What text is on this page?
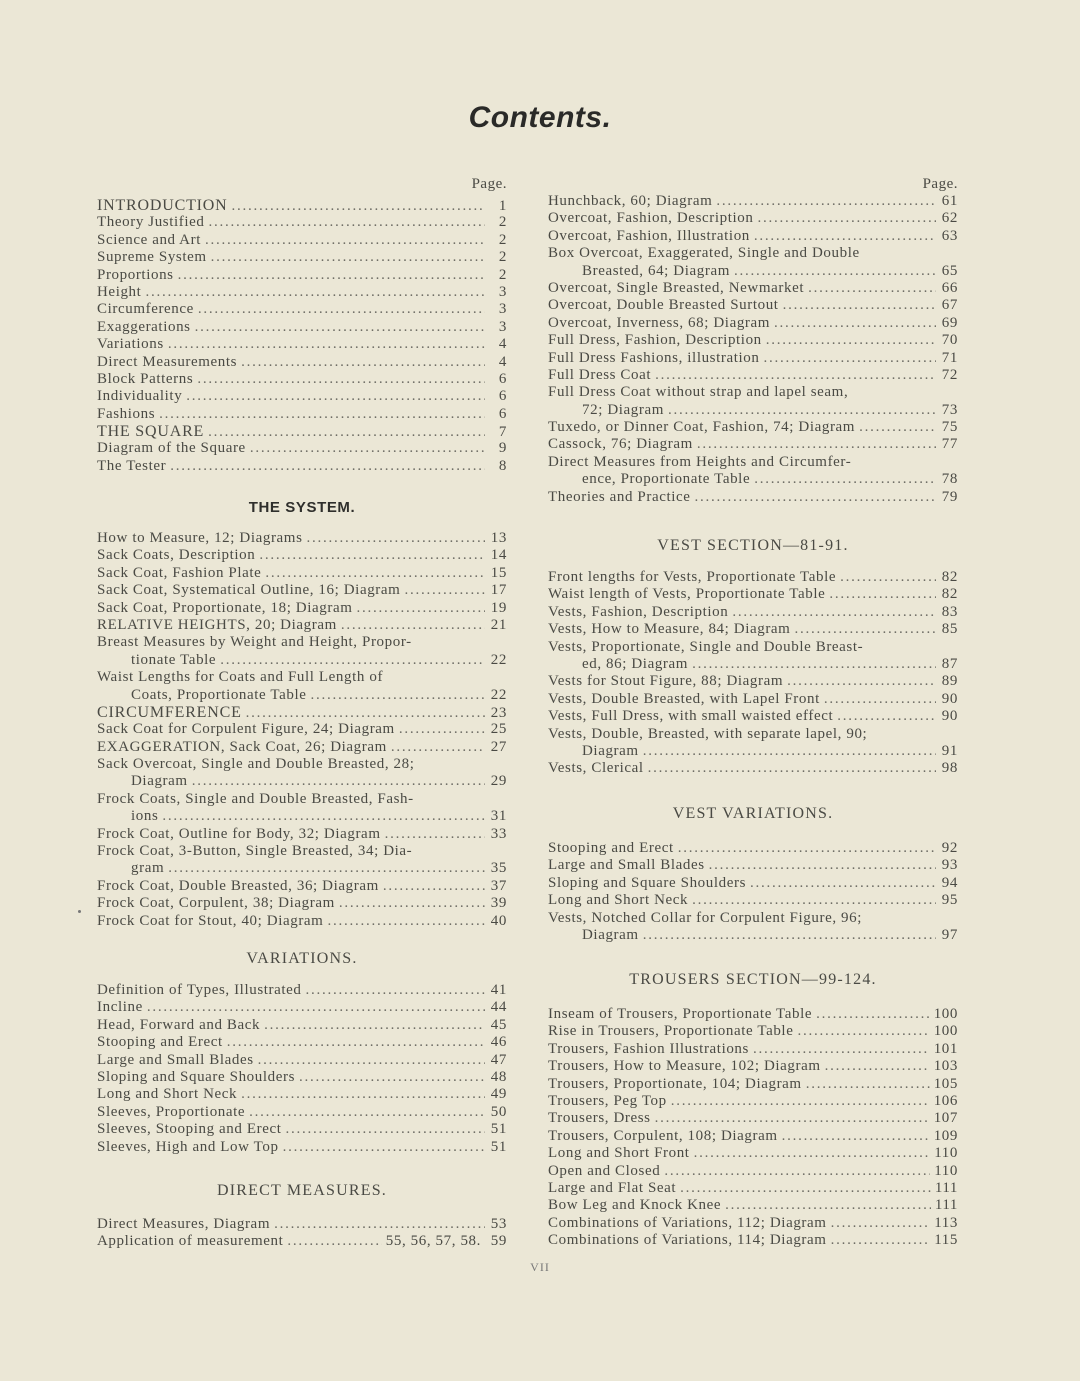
Contents.
Page.
INTRODUCTION . . .	1
Theory Justified . . .	2
Science and Art . . .	2
Supreme System . . .	2
Proportions . . .	2
Height . . .	3
Circumference . . .	3
Exaggerations . . .	3
Variations . . .	4
Direct Measurements . . .	4
Block Patterns . . .	6
Individuality . . .	6
Fashions . . .	6
THE SQUARE . . .	7
Diagram of the Square . . .	9
The Tester . . .	8
THE SYSTEM.
How to Measure, 12; Diagrams . . .	13
Sack Coats, Description . . .	14
Sack Coat, Fashion Plate . . .	15
Sack Coat, Systematical Outline, 16; Diagram . . .	17
Sack Coat, Proportionate, 18; Diagram . . .	19
RELATIVE HEIGHTS, 20; Diagram . . .	21
Breast Measures by Weight and Height, Propor-
tionate Table . . .	22
Waist Lengths for Coats and Full Length of
Coats, Proportionate Table . . .	22
CIRCUMFERENCE . . .	23
Sack Coat for Corpulent Figure, 24; Diagram . . .	25
EXAGGERATION, Sack Coat, 26; Diagram . . .	27
Sack Overcoat, Single and Double Breasted, 28;
Diagram . . .	29
Frock Coats, Single and Double Breasted, Fash-
ions . . .	31
Frock Coat, Outline for Body, 32; Diagram . . .	33
Frock Coat, 3-Button, Single Breasted, 34; Dia-
gram . . .	35
Frock Coat, Double Breasted, 36; Diagram . . .	37
Frock Coat, Corpulent, 38; Diagram . . .	39
Frock Coat for Stout, 40; Diagram . . .	40
VARIATIONS.
Definition of Types, Illustrated . . .	41
Incline . . .	44
Head, Forward and Back . . .	45
Stooping and Erect . . .	46
Large and Small Blades . . .	47
Sloping and Square Shoulders . . .	48
Long and Short Neck . . .	49
Sleeves, Proportionate . . .	50
Sleeves, Stooping and Erect . . .	51
Sleeves, High and Low Top . . .	51
DIRECT MEASURES.
Direct Measures, Diagram . . .	53
Application of measurement . . .	55, 56, 57, 58. 59
Page.
Hunchback, 60; Diagram . . .	61
Overcoat, Fashion, Description . . .	62
Overcoat, Fashion, Illustration . . .	63
Box Overcoat, Exaggerated, Single and Double
Breasted, 64; Diagram . . .	65
Overcoat, Single Breasted, Newmarket . . .	66
Overcoat, Double Breasted Surtout . . .	67
Overcoat, Inverness, 68; Diagram . . .	69
Full Dress, Fashion, Description . . .	70
Full Dress Fashions, illustration . . .	71
Full Dress Coat . . .	72
Full Dress Coat without strap and lapel seam,
72; Diagram . . .	73
Tuxedo, or Dinner Coat, Fashion, 74; Diagram . . .	75
Cassock, 76; Diagram . . .	77
Direct Measures from Heights and Circumfer-
ence, Proportionate Table . . .	78
Theories and Practice . . .	79
VEST SECTION—81-91.
Front lengths for Vests, Proportionate Table . . .	82
Waist length of Vests, Proportionate Table . . .	82
Vests, Fashion, Description . . .	83
Vests, How to Measure, 84; Diagram . . .	85
Vests, Proportionate, Single and Double Breast-
ed, 86; Diagram . . .	87
Vests for Stout Figure, 88; Diagram . . .	89
Vests, Double Breasted, with Lapel Front . . .	90
Vests, Full Dress, with small waisted effect . . .	90
Vests, Double, Breasted, with separate lapel, 90;
Diagram . . .	91
Vests, Clerical . . .	98
VEST VARIATIONS.
Stooping and Erect . . .	92
Large and Small Blades . . .	93
Sloping and Square Shoulders . . .	94
Long and Short Neck . . .	95
Vests, Notched Collar for Corpulent Figure, 96;
Diagram . . .	97
TROUSERS SECTION—99-124.
Inseam of Trousers, Proportionate Table . . .	100
Rise in Trousers, Proportionate Table . . .	100
Trousers, Fashion Illustrations . . .	101
Trousers, How to Measure, 102; Diagram . . .	103
Trousers, Proportionate, 104; Diagram . . .	105
Trousers, Peg Top . . .	106
Trousers, Dress . . .	107
Trousers, Corpulent, 108; Diagram . . .	109
Long and Short Front . . .	110
Open and Closed . . .	110
Large and Flat Seat . . .	111
Bow Leg and Knock Knee . . .	111
Combinations of Variations, 112; Diagram . . .	113
Combinations of Variations, 114; Diagram . . .	115
VII
